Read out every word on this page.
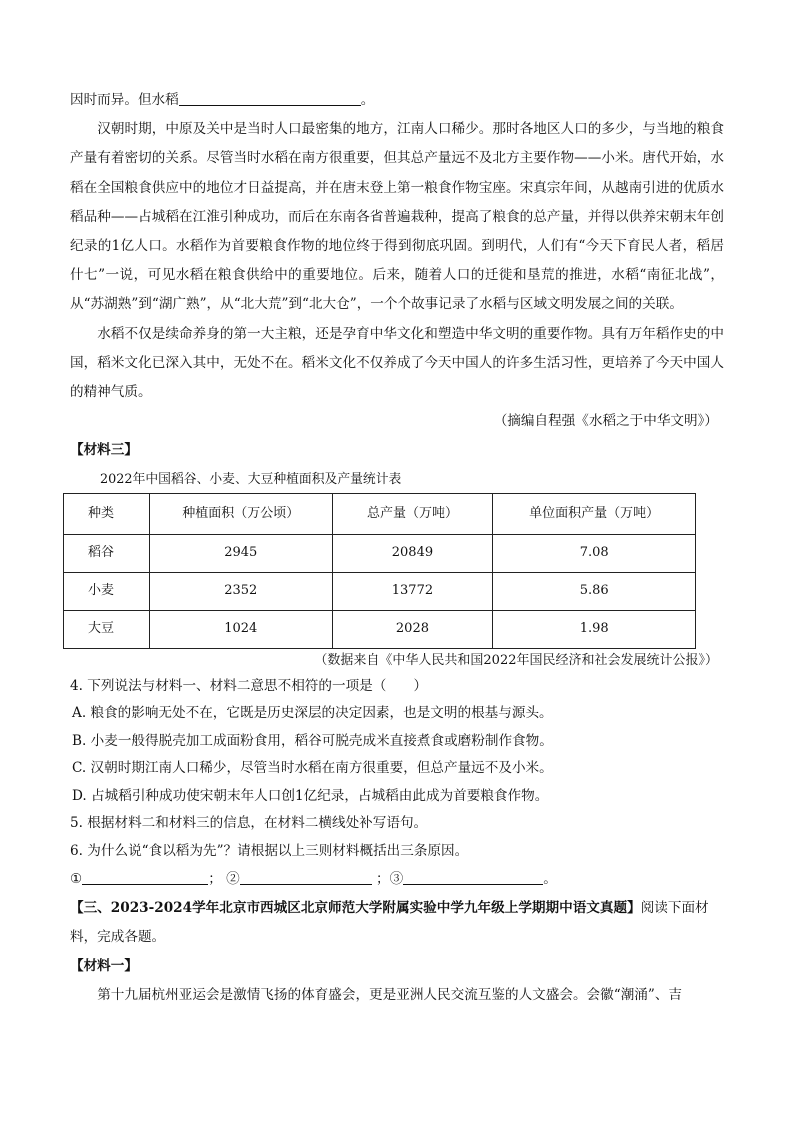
因时而异。但水稻	。

汉朝时期，中原及关中是当时人口最密集的地方，江南人口稀少。那时各地区人口的多少，与当地的粮食产量有着密切的关系。尽管当时水稻在南方很重要，但其总产量远不及北方主要作物——小米。唐代开始，水稻在全国粮食供应中的地位才日益提高，并在唐末登上第一粮食作物宝座。宋真宗年间，从越南引进的优质水稻品种——占城稻在江淮引种成功，而后在东南各省普遍栽种，提高了粮食的总产量，并得以供养宋朝末年创纪录的1亿人口。水稻作为首要粮食作物的地位终于得到彻底巩固。到明代，人们有“今天下育民人者，稻居什七”一说，可见水稻在粮食供给中的重要地位。后来，随着人口的迁徙和垦荒的推进，水稻“南征北战”，从“苏湖熟”到“湖广熟”，从“北大荒”到“北大仓”，一个个故事记录了水稻与区域文明发展之间的关联。

水稻不仅是续命养身的第一大主粮，还是孕育中华文化和塑造中华文明的重要作物。具有万年稻作史的中国，稻米文化已深入其中，无处不在。稻米文化不仅养成了今天中国人的许多生活习性，更培养了今天中国人的精神气质。

（摘编自程强《水稻之于中华文明》）
【材料三】
2022年中国稻谷、小麦、大豆种植面积及产量统计表
种类	种植面积（万公顷）	总产量（万吨）	单位面积产量（万吨）
稻谷	2945	20849	7.08
小麦	2352	13772	5.86
大豆	1024	2028	1.98
（数据来自《中华人民共和国2022年国民经济和社会发展统计公报》）
4. 下列说法与材料一、材料二意思不相符的一项是（　　）
A. 粮食的影响无处不在，它既是历史深层的决定因素，也是文明的根基与源头。
B. 小麦一般得脱壳加工成面粉食用，稻谷可脱壳成米直接煮食或磨粉制作食物。
C. 汉朝时期江南人口稀少，尽管当时水稻在南方很重要，但总产量远不及小米。
D. 占城稻引种成功使宋朝末年人口创1亿纪录，占城稻由此成为首要粮食作物。
5. 根据材料二和材料三的信息，在材料二横线处补写语句。
6. 为什么说“食以稻为先”？请根据以上三则材料概括出三条原因。
①	； ②	；③	。
【三、2023-2024学年北京市西城区北京师范大学附属实验中学九年级上学期期中语文真题】阅读下面材料，完成各题。
【材料一】

第十九届杭州亚运会是激情飞扬的体育盛会，更是亚洲人民交流互鉴的人文盛会。会徽“潮涌”、吉
